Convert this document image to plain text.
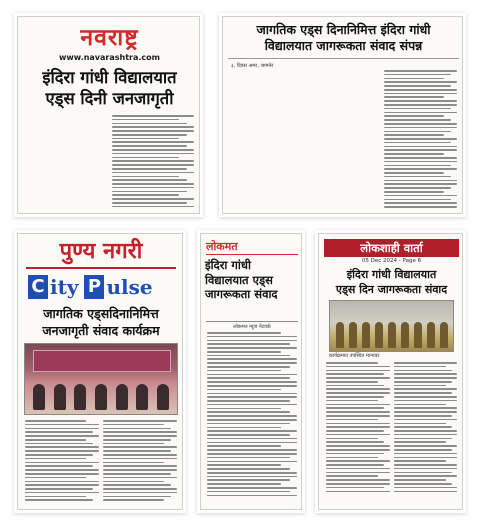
नवराष्ट्र
www.navarashtra.com
इंदिरा गांधी विद्यालयात
एड्स दिनी जनजागृती
जागतिक एड्स दिनानिमित्त इंदिरा गांधी
विद्यालयात जागरूकता संवाद संपन्न
३, दिवस अमर, जामनेर
पुण्य नगरी
C ity P ulse
जागतिक एड्सदिनानिमित्त
जनजागृती संवाद कार्यक्रम
लोकमत
इंदिरा गांधी
विद्यालयात एड्स
जागरूकता संवाद
लोकमत न्यूज नेटवर्क
लोकशाही वार्ता
05 Dec 2024 - Page 6
इंदिरा गांधी विद्यालयात
एड्स दिन जागरूकता संवाद
कार्यक्रमात उपस्थित मान्यवर
